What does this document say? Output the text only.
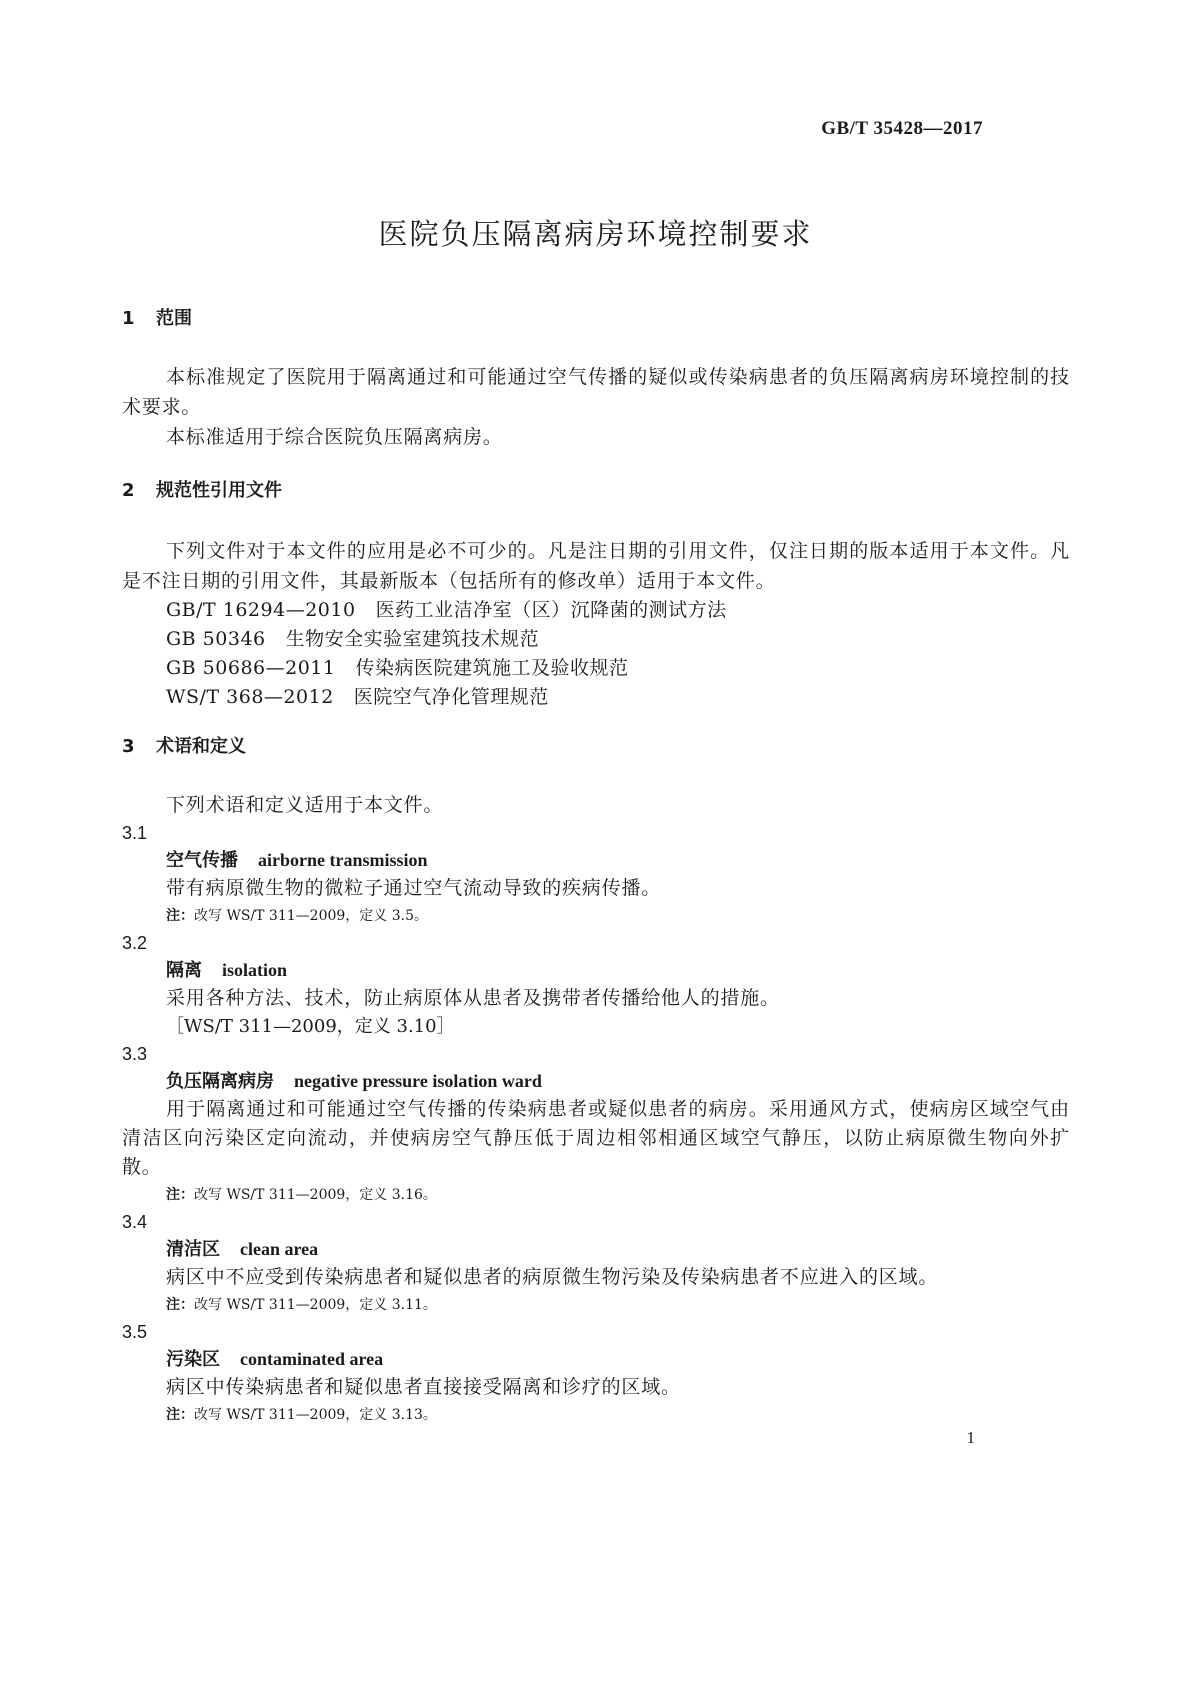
GB/T 35428—2017
医院负压隔离病房环境控制要求

1 范围

本标准规定了医院用于隔离通过和可能通过空气传播的疑似或传染病患者的负压隔离病房环境控制的技术要求。

本标准适用于综合医院负压隔离病房。

2 规范性引用文件

下列文件对于本文件的应用是必不可少的。凡是注日期的引用文件，仅注日期的版本适用于本文件。凡是不注日期的引用文件，其最新版本（包括所有的修改单）适用于本文件。

GB/T 16294—2010 医药工业洁净室（区）沉降菌的测试方法

GB 50346 生物安全实验室建筑技术规范

GB 50686—2011 传染病医院建筑施工及验收规范

WS/T 368—2012 医院空气净化管理规范

3 术语和定义

下列术语和定义适用于本文件。

3.1

空气传播 airborne transmission

带有病原微生物的微粒子通过空气流动导致的疾病传播。

注：改写 WS/T 311—2009，定义 3.5。

3.2

隔离 isolation

采用各种方法、技术，防止病原体从患者及携带者传播给他人的措施。

［WS/T 311—2009，定义 3.10］

3.3

负压隔离病房 negative pressure isolation ward

用于隔离通过和可能通过空气传播的传染病患者或疑似患者的病房。采用通风方式，使病房区域空气由清洁区向污染区定向流动，并使病房空气静压低于周边相邻相通区域空气静压，以防止病原微生物向外扩散。

注：改写 WS/T 311—2009，定义 3.16。

3.4

清洁区 clean area

病区中不应受到传染病患者和疑似患者的病原微生物污染及传染病患者不应进入的区域。

注：改写 WS/T 311—2009，定义 3.11。

3.5

污染区 contaminated area

病区中传染病患者和疑似患者直接接受隔离和诊疗的区域。

注：改写 WS/T 311—2009，定义 3.13。

1
